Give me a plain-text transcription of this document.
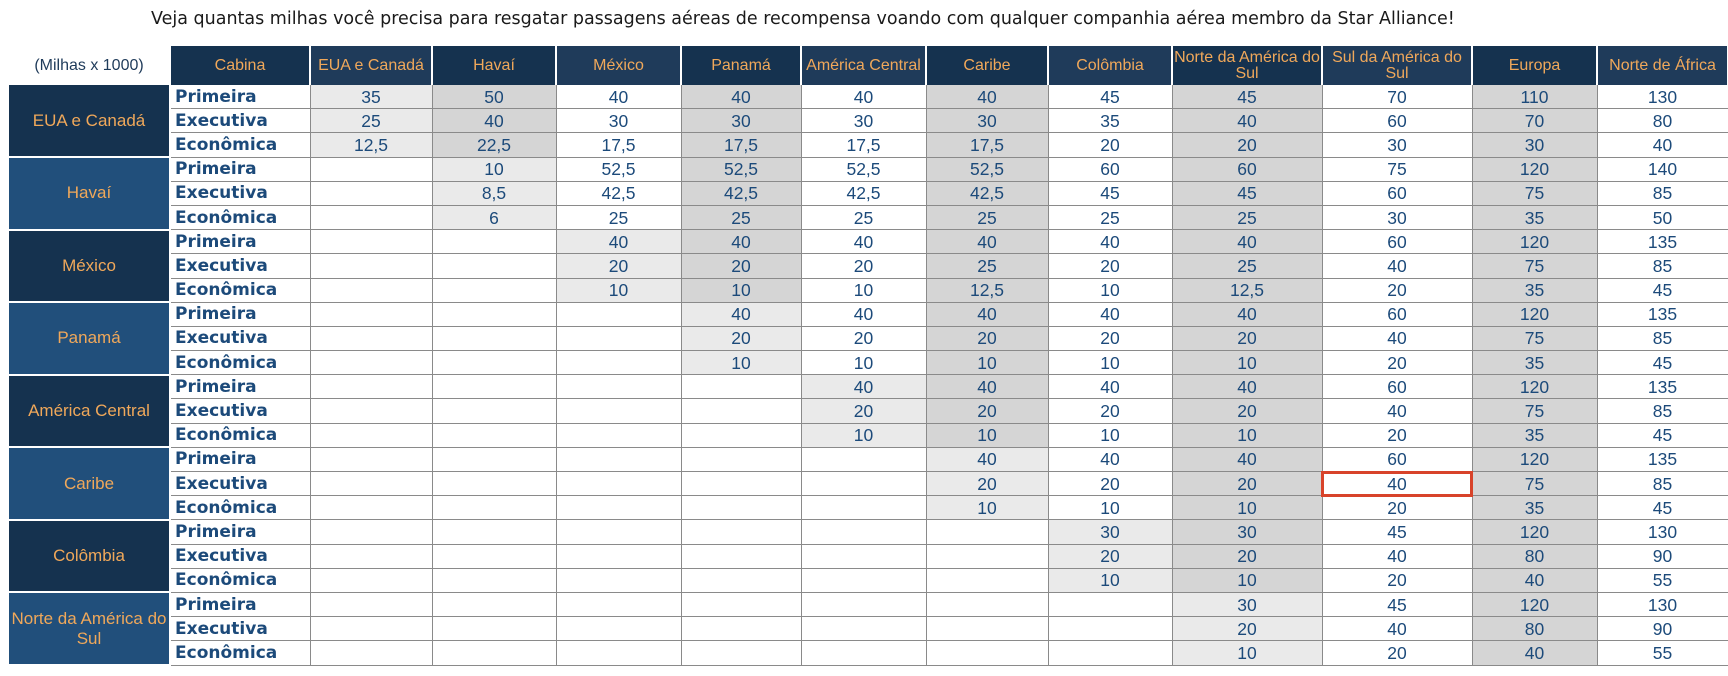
Veja quantas milhas você precisa para resgatar passagens aéreas de recompensa voando com qualquer companhia aérea membro da Star Alliance!
(Milhas x 1000)	Cabina	EUA e Canadá	Havaí	México	Panamá	América Central	Caribe	Colômbia	Norte da América do Sul	Sul da América do Sul	Europa	Norte de África	
EUA e Canadá	Primeira	35	50	40	40	40	40	45	45	70	110	130	
	Executiva	25	40	30	30	30	30	35	40	60	70	80	
	Econômica	12,5	22,5	17,5	17,5	17,5	17,5	20	20	30	30	40	
Havaí	Primeira		10	52,5	52,5	52,5	52,5	60	60	75	120	140	
	Executiva		8,5	42,5	42,5	42,5	42,5	45	45	60	75	85	
	Econômica		6	25	25	25	25	25	25	30	35	50	
México	Primeira			40	40	40	40	40	40	60	120	135	
	Executiva			20	20	20	25	20	25	40	75	85	
	Econômica			10	10	10	12,5	10	12,5	20	35	45	
Panamá	Primeira				40	40	40	40	40	60	120	135	
	Executiva				20	20	20	20	20	40	75	85	
	Econômica				10	10	10	10	10	20	35	45	
América Central	Primeira					40	40	40	40	60	120	135	
	Executiva					20	20	20	20	40	75	85	
	Econômica					10	10	10	10	20	35	45	
Caribe	Primeira						40	40	40	60	120	135	
	Executiva						20	20	20	40	75	85	
	Econômica						10	10	10	20	35	45	
Colômbia	Primeira							30	30	45	120	130	
	Executiva							20	20	40	80	90	
	Econômica							10	10	20	40	55	
Norte da América do Sul	Primeira								30	45	120	130	
	Executiva								20	40	80	90	
	Econômica								10	20	40	55	
